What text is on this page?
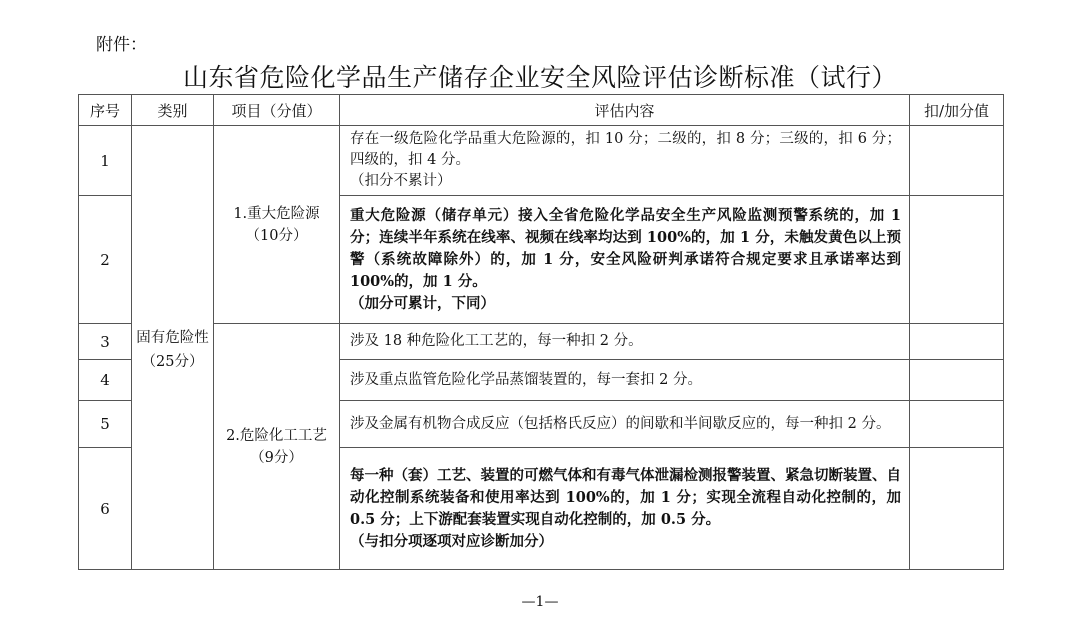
附件：
山东省危险化学品生产储存企业安全风险评估诊断标准（试行）
序号	类别	项目（分值）	评估内容	扣/加分值
1	固有危险性（25分）	1.重大危险源（10分）	存在一级危险化学品重大危险源的，扣 10 分；二级的，扣 8 分；三级的，扣 6 分；四级的，扣 4 分。
（扣分不累计）	

2			重大危险源（储存单元）接入全省危险化学品安全生产风险监测预警系统的，加 1 分；连续半年系统在线率、视频在线率均达到 100%的，加 1 分，未触发黄色以上预警（系统故障除外）的，加 1 分，安全风险研判承诺符合规定要求且承诺率达到 100%的，加 1 分。
（加分可累计，下同）	

3		2.危险化工工艺（9分）	涉及 18 种危险化工工艺的，每一种扣 2 分。	
4			涉及重点监管危险化学品蒸馏装置的，每一套扣 2 分。	
5			涉及金属有机物合成反应（包括格氏反应）的间歇和半间歇反应的，每一种扣 2 分。	
6			每一种（套）工艺、装置的可燃气体和有毒气体泄漏检测报警装置、紧急切断装置、自动化控制系统装备和使用率达到 100%的，加 1 分；实现全流程自动化控制的，加 0.5 分；上下游配套装置实现自动化控制的，加 0.5 分。
（与扣分项逐项对应诊断加分）	

—1—
